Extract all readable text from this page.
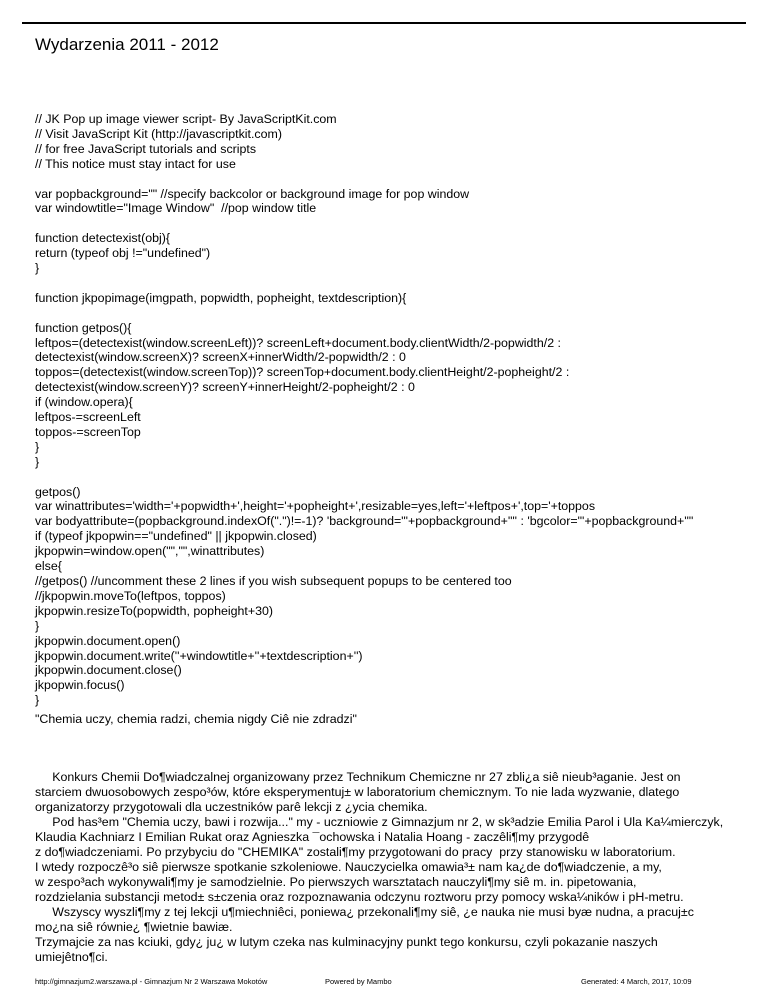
Wydarzenia 2011 - 2012
// JK Pop up image viewer script- By JavaScriptKit.com
// Visit JavaScript Kit (http://javascriptkit.com)
// for free JavaScript tutorials and scripts
// This notice must stay intact for use
var popbackground="" //specify backcolor or background image for pop window
var windowtitle="Image Window"  //pop window title
function detectexist(obj){
return (typeof obj !="undefined")
}
function jkpopimage(imgpath, popwidth, popheight, textdescription){
function getpos(){
leftpos=(detectexist(window.screenLeft))? screenLeft+document.body.clientWidth/2-popwidth/2 :
detectexist(window.screenX)? screenX+innerWidth/2-popwidth/2 : 0
toppos=(detectexist(window.screenTop))? screenTop+document.body.clientHeight/2-popheight/2 :
detectexist(window.screenY)? screenY+innerHeight/2-popheight/2 : 0
if (window.opera){
leftpos-=screenLeft
toppos-=screenTop
}
}
getpos()
var winattributes='width='+popwidth+',height='+popheight+',resizable=yes,left='+leftpos+',top='+toppos
var bodyattribute=(popbackground.indexOf(".")!=-1)? 'background="'+popbackground+'"' : 'bgcolor="'+popbackground+'"'
if (typeof jkpopwin=="undefined" || jkpopwin.closed)
jkpopwin=window.open("","",winattributes)
else{
//getpos() //uncomment these 2 lines if you wish subsequent popups to be centered too
//jkpopwin.moveTo(leftpos, toppos)
jkpopwin.resizeTo(popwidth, popheight+30)
}
jkpopwin.document.open()
jkpopwin.document.write(''+windowtitle+''+textdescription+'')
jkpopwin.document.close()
jkpopwin.focus()
}
"Chemia uczy, chemia radzi, chemia nigdy Ciê nie zdradzi"
Konkurs Chemii Do¶wiadczalnej organizowany przez Technikum Chemiczne nr 27 zbli¿a siê nieub³aganie. Jest on
starciem dwuosobowych zespo³ów, które eksperymentuj± w laboratorium chemicznym. To nie lada wyzwanie, dlatego
organizatorzy przygotowali dla uczestników parê lekcji z ¿ycia chemika.
Pod has³em "Chemia uczy, bawi i rozwija..." my - uczniowie z Gimnazjum nr 2, w sk³adzie Emilia Parol i Ula Ka¼mierczyk,
Klaudia Kachniarz I Emilian Rukat oraz Agnieszka ¯ochowska i Natalia Hoang - zaczêli¶my przygodê
z do¶wiadczeniami. Po przybyciu do "CHEMIKA" zostali¶my przygotowani do pracy  przy stanowisku w laboratorium.
I wtedy rozpoczê³o siê pierwsze spotkanie szkoleniowe. Nauczycielka omawia³± nam ka¿de do¶wiadczenie, a my,
w zespo³ach wykonywali¶my je samodzielnie. Po pierwszych warsztatach nauczyli¶my siê m. in. pipetowania,
rozdzielania substancji metod± s±czenia oraz rozpoznawania odczynu roztworu przy pomocy wska¼ników i pH-metru.
Wszyscy wyszli¶my z tej lekcji u¶miechniêci, poniewa¿ przekonali¶my siê, ¿e nauka nie musi byæ nudna, a pracuj±c
mo¿na siê równie¿ ¶wietnie bawiæ.
Trzymajcie za nas kciuki, gdy¿ ju¿ w lutym czeka nas kulminacyjny punkt tego konkursu, czyli pokazanie naszych
umiejêtno¶ci.
http://gimnazjum2.warszawa.pl - Gimnazjum Nr 2 Warszawa Mokotów	Powered by Mambo	Generated: 4 March, 2017, 10:09
